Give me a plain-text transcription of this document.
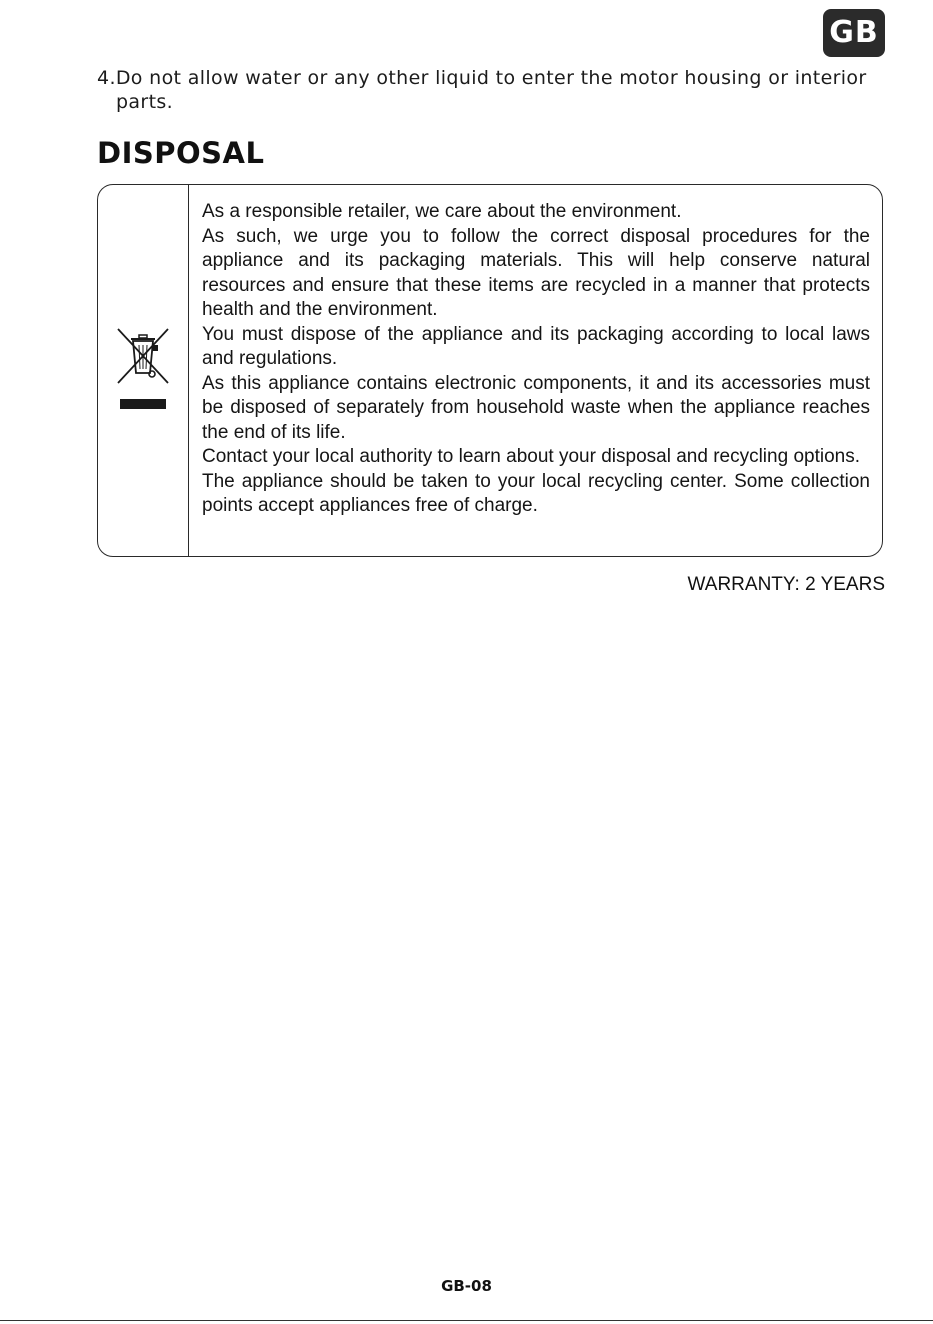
GB
4.Do not allow water or any other liquid to enter the motor housing or interior
parts.
DISPOSAL

As a responsible retailer, we care about the environment.

As such, we urge you to follow the correct disposal procedures for the appliance and its packaging materials. This will help conserve natural resources and ensure that these items are recycled in a manner that protects health and the environment.

You must dispose of the appliance and its packaging according to local laws and regulations.

As this appliance contains electronic components, it and its accessories must be disposed of separately from household waste when the appliance reaches the end of its life.

Contact your local authority to learn about your disposal and recycling options.

The appliance should be taken to your local recycling center. Some collection points accept appliances free of charge.

WARRANTY: 2 YEARS
GB-08
